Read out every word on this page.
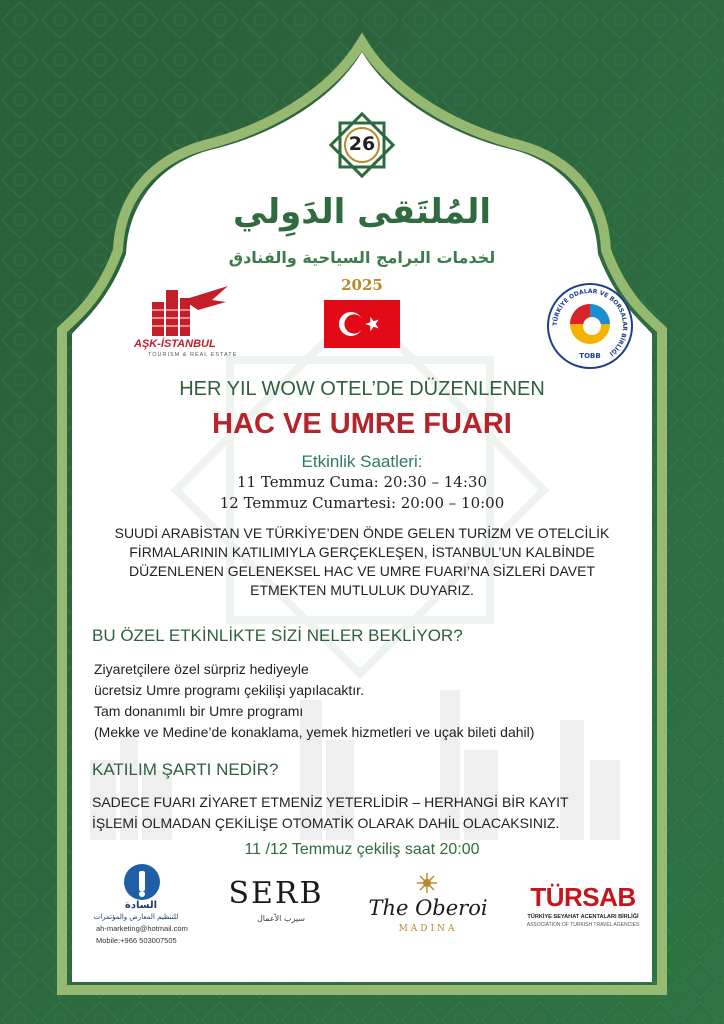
26
المُلتَقى الدَوِلي
لخدمات البرامج السياحية والفنادق
2025
AŞK-İSTANBUL
TOURISM & REAL ESTATE
TÜRKİYE ODALAR VE BORSALAR BİRLİĞİ
TOBB
HER YIL WOW OTEL’DE DÜZENLENEN
HAC VE UMRE FUARI
Etkinlik Saatleri:
11 Temmuz Cuma: 20:30 – 14:30
12 Temmuz Cumartesi: 20:00 – 10:00
SUUDİ ARABİSTAN VE TÜRKİYE’DEN ÖNDE GELEN TURİZM VE OTELCİLİK
FİRMALARININ KATILIMIYLA GERÇEKLEŞEN, İSTANBUL’UN KALBİNDE
DÜZENLENEN GELENEKSEL HAC VE UMRE FUARI’NA SİZLERİ DAVET
ETMEKTEN MUTLULUK DUYARIZ.
BU ÖZEL ETKİNLİKTE SİZİ NELER BEKLİYOR?
Ziyaretçilere özel sürpriz hediyeyle
ücretsiz Umre programı çekilişi yapılacaktır.
Tam donanımlı bir Umre programı
(Mekke ve Medine’de konaklama, yemek hizmetleri ve uçak bileti dahil)
KATILIM ŞARTI NEDİR?
SADECE FUARI ZİYARET ETMENİZ YETERLİDİR – HERHANGİ BİR KAYIT
İŞLEMİ OLMADAN ÇEKİLİŞE OTOMATİK OLARAK DAHİL OLACAKSINIZ.
11 /12 Temmuz çekiliş saat 20:00
السادة
للتنظيم المعارض والمؤتمرات
ah-marketing@hotmail.com
Mobile:+966 503007505
SERB
سيرب الأعمال	The Oberoi
MADINA
TÜRSAB
TÜRKİYE SEYAHAT ACENTALARI BİRLİĞİ
ASSOCIATION OF TURKISH TRAVEL AGENCIES
